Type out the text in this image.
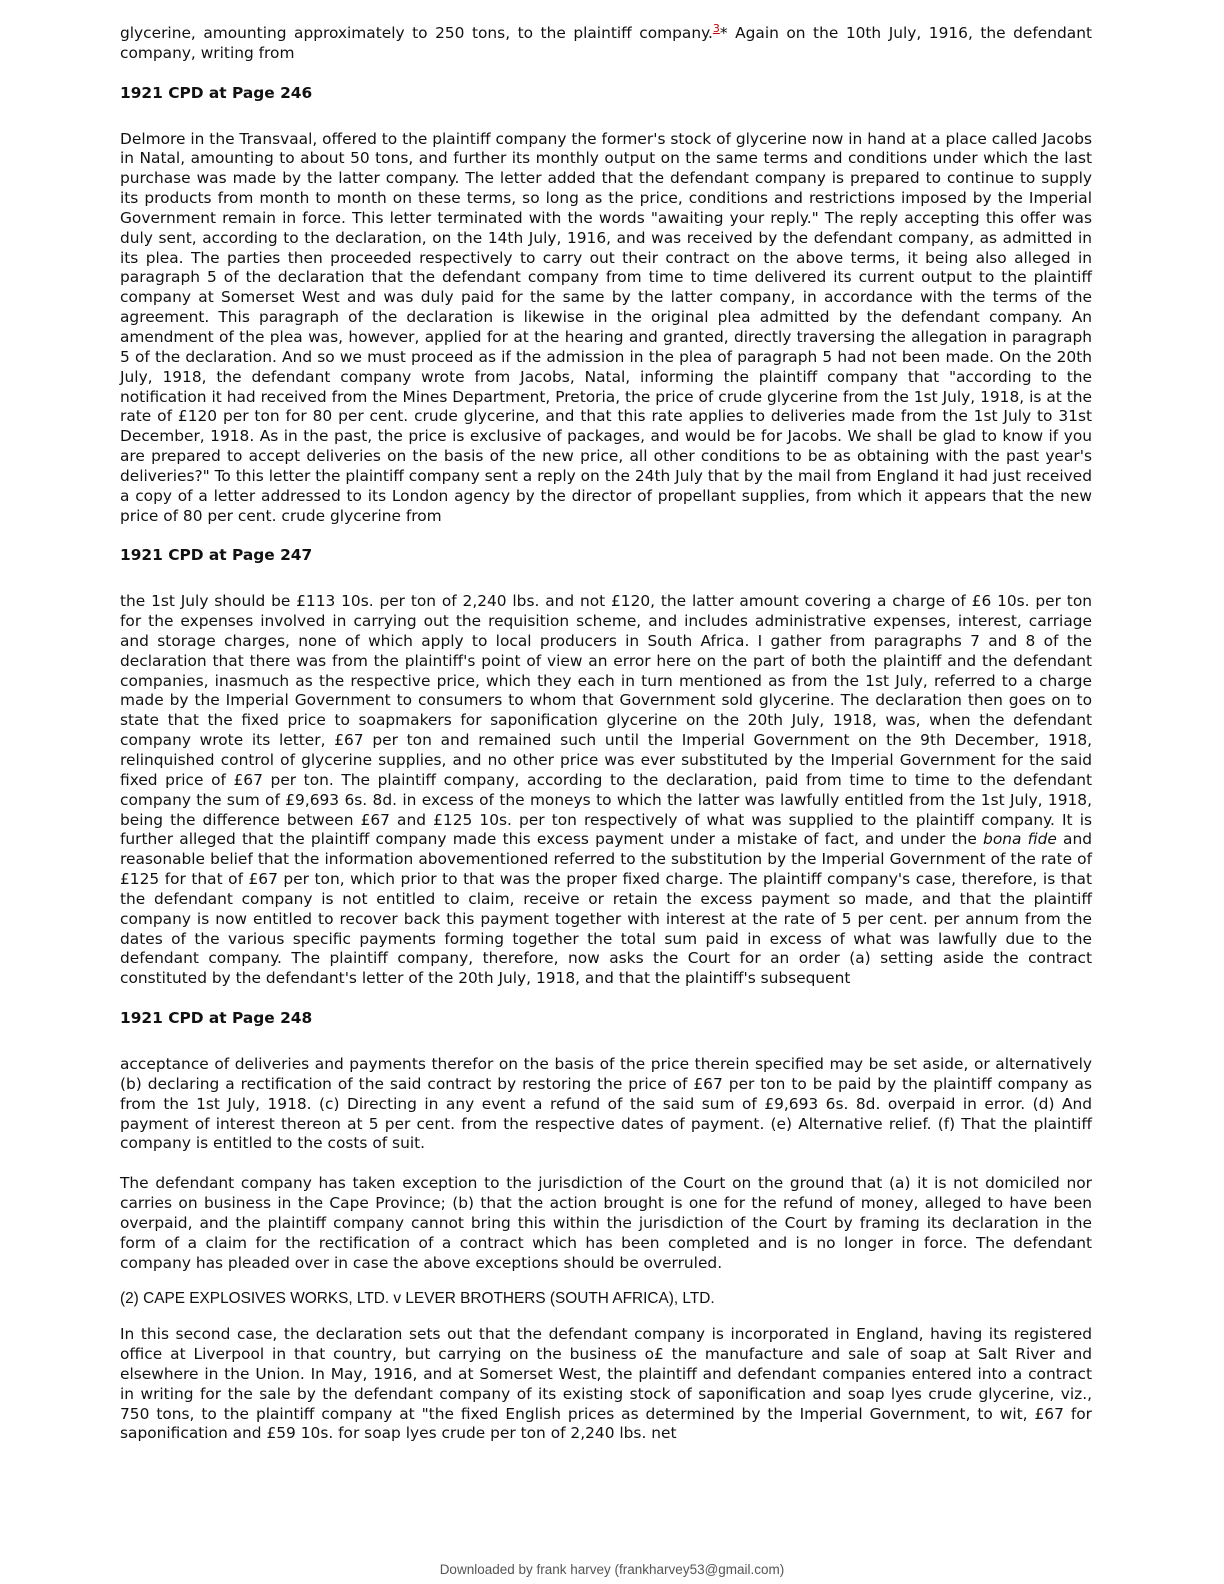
glycerine, amounting approximately to 250 tons, to the plaintiff company.$^3$* Again on the 10th July, 1916, the defendant company, writing from

1921 CPD at Page 246

Delmore in the Transvaal, offered to the plaintiff company the former's stock of glycerine now in hand at a place called Jacobs in Natal, amounting to about 50 tons, and further its monthly output on the same terms and conditions under which the last purchase was made by the latter company. The letter added that the defendant company is prepared to continue to supply its products from month to month on these terms, so long as the price, conditions and restrictions imposed by the Imperial Government remain in force. This letter terminated with the words "awaiting your reply." The reply accepting this offer was duly sent, according to the declaration, on the 14th July, 1916, and was received by the defendant company, as admitted in its plea. The parties then proceeded respectively to carry out their contract on the above terms, it being also alleged in paragraph 5 of the declaration that the defendant company from time to time delivered its current output to the plaintiff company at Somerset West and was duly paid for the same by the latter company, in accordance with the terms of the agreement. This paragraph of the declaration is likewise in the original plea admitted by the defendant company. An amendment of the plea was, however, applied for at the hearing and granted, directly traversing the allegation in paragraph 5 of the declaration. And so we must proceed as if the admission in the plea of paragraph 5 had not been made. On the 20th July, 1918, the defendant company wrote from Jacobs, Natal, informing the plaintiff company that "according to the notification it had received from the Mines Department, Pretoria, the price of crude glycerine from the 1st July, 1918, is at the rate of £120 per ton for 80 per cent. crude glycerine, and that this rate applies to deliveries made from the 1st July to 31st December, 1918. As in the past, the price is exclusive of packages, and would be for Jacobs. We shall be glad to know if you are prepared to accept deliveries on the basis of the new price, all other conditions to be as obtaining with the past year's deliveries?" To this letter the plaintiff company sent a reply on the 24th July that by the mail from England it had just received a copy of a letter addressed to its London agency by the director of propellant supplies, from which it appears that the new price of 80 per cent. crude glycerine from

1921 CPD at Page 247

the 1st July should be £113 10s. per ton of 2,240 lbs. and not £120, the latter amount covering a charge of £6 10s. per ton for the expenses involved in carrying out the requisition scheme, and includes administrative expenses, interest, carriage and storage charges, none of which apply to local producers in South Africa. I gather from paragraphs 7 and 8 of the declaration that there was from the plaintiff's point of view an error here on the part of both the plaintiff and the defendant companies, inasmuch as the respective price, which they each in turn mentioned as from the 1st July, referred to a charge made by the Imperial Government to consumers to whom that Government sold glycerine. The declaration then goes on to state that the fixed price to soapmakers for saponification glycerine on the 20th July, 1918, was, when the defendant company wrote its letter, £67 per ton and remained such until the Imperial Government on the 9th December, 1918, relinquished control of glycerine supplies, and no other price was ever substituted by the Imperial Government for the said fixed price of £67 per ton. The plaintiff company, according to the declaration, paid from time to time to the defendant company the sum of £9,693 6s. 8d. in excess of the moneys to which the latter was lawfully entitled from the 1st July, 1918, being the difference between £67 and £125 10s. per ton respectively of what was supplied to the plaintiff company. It is further alleged that the plaintiff company made this excess payment under a mistake of fact, and under the bona fide and reasonable belief that the information abovementioned referred to the substitution by the Imperial Government of the rate of £125 for that of £67 per ton, which prior to that was the proper fixed charge. The plaintiff company's case, therefore, is that the defendant company is not entitled to claim, receive or retain the excess payment so made, and that the plaintiff company is now entitled to recover back this payment together with interest at the rate of 5 per cent. per annum from the dates of the various specific payments forming together the total sum paid in excess of what was lawfully due to the defendant company. The plaintiff company, therefore, now asks the Court for an order (a) setting aside the contract constituted by the defendant's letter of the 20th July, 1918, and that the plaintiff's subsequent

1921 CPD at Page 248

acceptance of deliveries and payments therefor on the basis of the price therein specified may be set aside, or alternatively (b) declaring a rectification of the said contract by restoring the price of £67 per ton to be paid by the plaintiff company as from the 1st July, 1918. (c) Directing in any event a refund of the said sum of £9,693 6s. 8d. overpaid in error. (d) And payment of interest thereon at 5 per cent. from the respective dates of payment. (e) Alternative relief. (f) That the plaintiff company is entitled to the costs of suit.

The defendant company has taken exception to the jurisdiction of the Court on the ground that (a) it is not domiciled nor carries on business in the Cape Province; (b) that the action brought is one for the refund of money, alleged to have been overpaid, and the plaintiff company cannot bring this within the jurisdiction of the Court by framing its declaration in the form of a claim for the rectification of a contract which has been completed and is no longer in force. The defendant company has pleaded over in case the above exceptions should be overruled.

(2) CAPE EXPLOSIVES WORKS, LTD. v LEVER BROTHERS (SOUTH AFRICA), LTD.

In this second case, the declaration sets out that the defendant company is incorporated in England, having its registered office at Liverpool in that country, but carrying on the business o£ the manufacture and sale of soap at Salt River and elsewhere in the Union. In May, 1916, and at Somerset West, the plaintiff and defendant companies entered into a contract in writing for the sale by the defendant company of its existing stock of saponification and soap lyes crude glycerine, viz., 750 tons, to the plaintiff company at "the fixed English prices as determined by the Imperial Government, to wit, £67 for saponification and £59 10s. for soap lyes crude per ton of 2,240 lbs. net

Downloaded by frank harvey (frankharvey53@gmail.com)
